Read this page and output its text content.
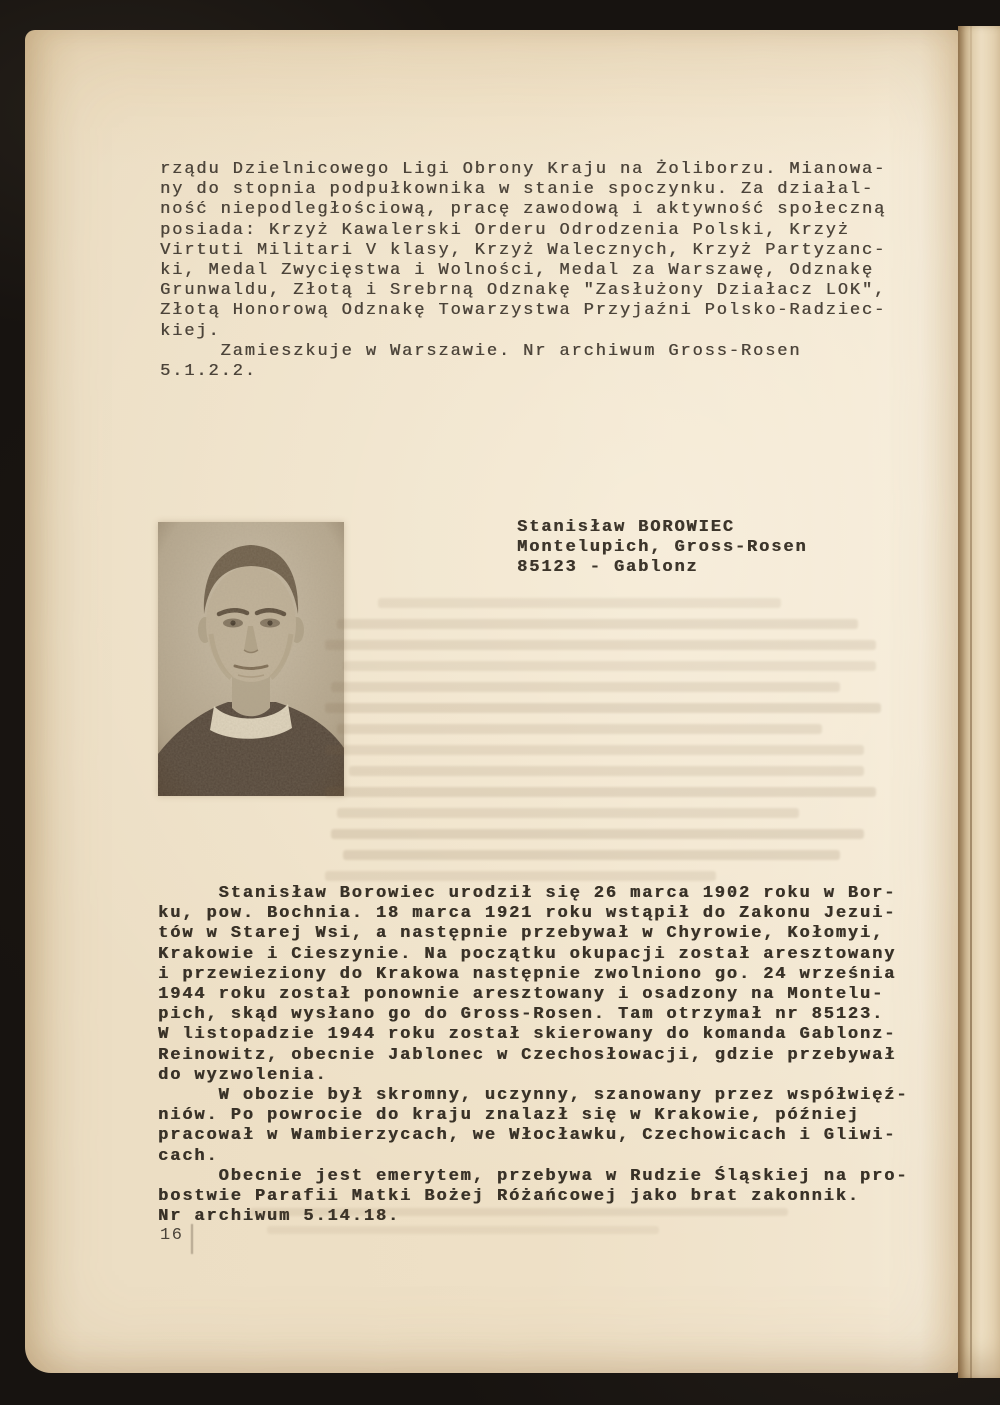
rządu Dzielnicowego Ligi Obrony Kraju na Żoliborzu. Mianowa-
ny do stopnia podpułkownika w stanie spoczynku. Za działal-
ność niepodległościową, pracę zawodową i aktywność społeczną
posiada: Krzyż Kawalerski Orderu Odrodzenia Polski, Krzyż
Virtuti Militari V klasy, Krzyż Walecznych, Krzyż Partyzanc-
ki, Medal Zwycięstwa i Wolności, Medal za Warszawę, Odznakę
Grunwaldu, Złotą i Srebrną Odznakę "Zasłużony Działacz LOK",
Złotą Honorową Odznakę Towarzystwa Przyjaźni Polsko-Radziec-
kiej.
Zamieszkuje w Warszawie. Nr archiwum Gross-Rosen
5.1.2.2.
Stanisław BOROWIEC
Montelupich, Gross-Rosen
85123 - Gablonz
Stanisław Borowiec urodził się 26 marca 1902 roku w Bor-
ku, pow. Bochnia. 18 marca 1921 roku wstąpił do Zakonu Jezui-
tów w Starej Wsi, a następnie przebywał w Chyrowie, Kołomyi,
Krakowie i Cieszynie. Na początku okupacji został aresztowany
i przewieziony do Krakowa następnie zwolniono go. 24 września
1944 roku został ponownie aresztowany i osadzony na Montelu-
pich, skąd wysłano go do Gross-Rosen. Tam otrzymał nr 85123.
W listopadzie 1944 roku został skierowany do komanda Gablonz-
Reinowitz, obecnie Jablonec w Czechosłowacji, gdzie przebywał
do wyzwolenia.
W obozie był skromny, uczynny, szanowany przez współwięź-
niów. Po powrocie do kraju znalazł się w Krakowie, później
pracował w Wambierzycach, we Włocławku, Czechowicach i Gliwi-
cach.
Obecnie jest emerytem, przebywa w Rudzie Śląskiej na pro-
bostwie Parafii Matki Bożej Różańcowej jako brat zakonnik.
Nr archiwum 5.14.18.
16
